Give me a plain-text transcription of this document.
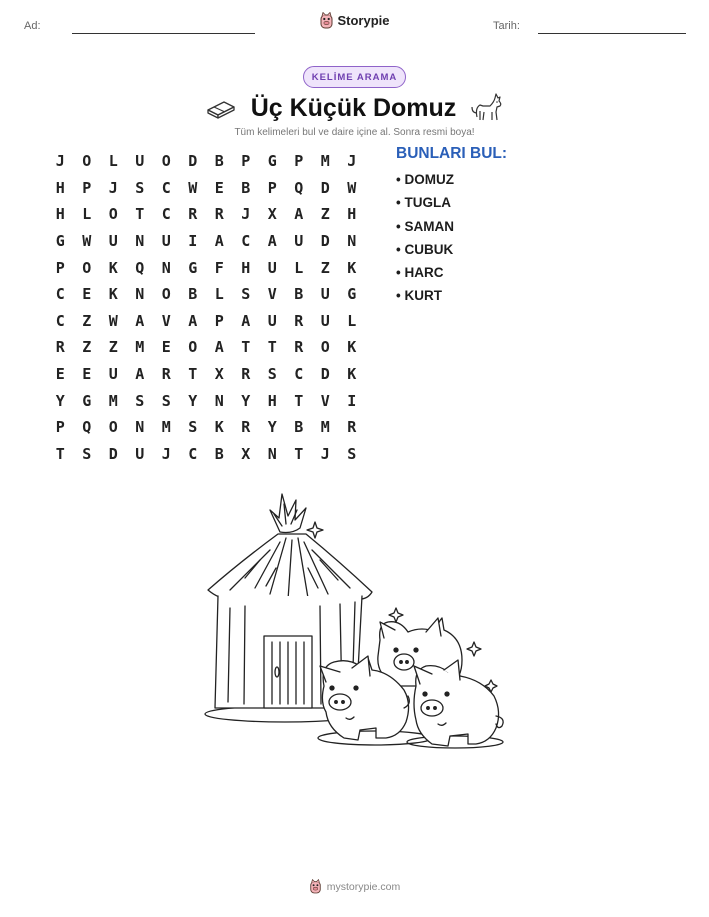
Ad:	Tarih:
Storypie
KELİME ARAMA
Üç Küçük Domuz
Tüm kelimeleri bul ve daire içine al. Sonra resmi boya!
J	O	L	U	O	D	B	P	G	P	M	J
H	P	J	S	C	W	E	B	P	Q	D	W
H	L	O	T	C	R	R	J	X	A	Z	H
G	W	U	N	U	I	A	C	A	U	D	N
P	O	K	Q	N	G	F	H	U	L	Z	K
C	E	K	N	O	B	L	S	V	B	U	G
C	Z	W	A	V	A	P	A	U	R	U	L
R	Z	Z	M	E	O	A	T	T	R	O	K
E	E	U	A	R	T	X	R	S	C	D	K
Y	G	M	S	S	Y	N	Y	H	T	V	I
P	Q	O	N	M	S	K	R	Y	B	M	R
T	S	D	U	J	C	B	X	N	T	J	S
BUNLARI BUL:
• DOMUZ
• TUGLA
• SAMAN
• CUBUK
• HARC
• KURT
mystorypie.com
